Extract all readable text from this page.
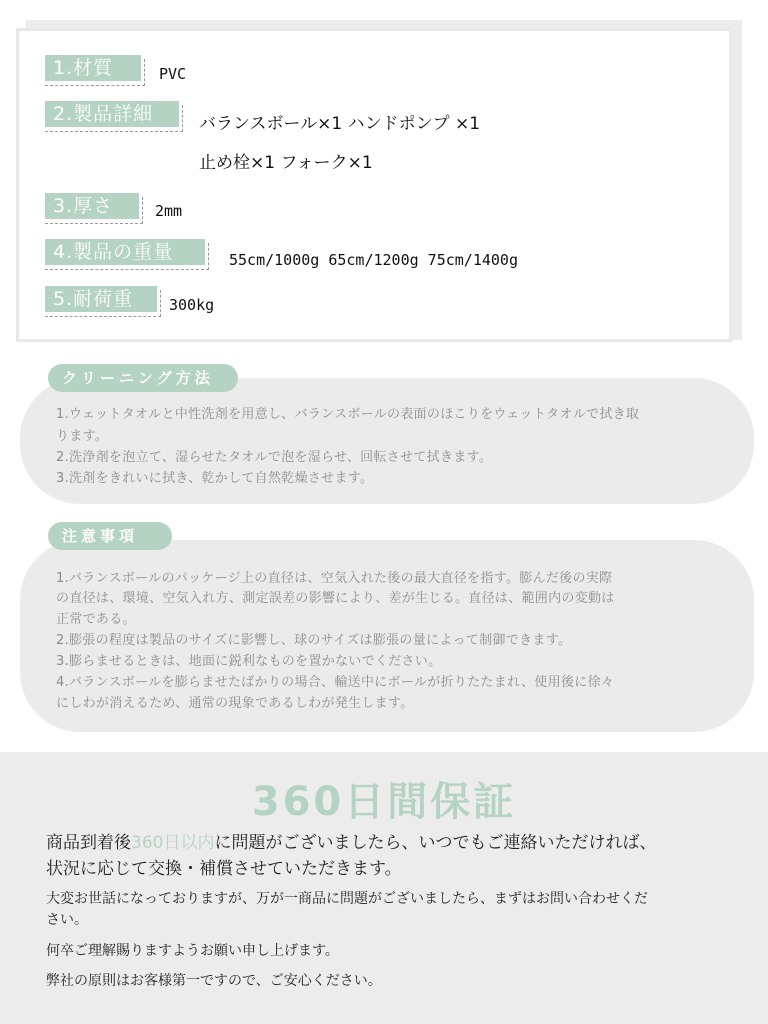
1.材質	PVC
2.製品詳細	バランスボール×1 ハンドポンプ ×1
止め栓×1 フォーク×1
3.厚さ	2mm
4.製品の重量	55cm/1000g 65cm/1200g 75cm/1400g
5.耐荷重	300kg
クリーニング方法
1.ウェットタオルと中性洗剤を用意し、バランスボールの表面のほこりをウェットタオルで拭き取
ります。
2.洗浄剤を泡立て、湿らせたタオルで泡を湿らせ、回転させて拭きます。
3.洗剤をきれいに拭き、乾かして自然乾燥させます。
注意事項
1.バランスボールのパッケージ上の直径は、空気入れた後の最大直径を指す。膨んだ後の実際
の直径は、環境、空気入れ方、測定誤差の影響により、差が生じる。直径は、範囲内の変動は
正常である。
2.膨張の程度は製品のサイズに影響し、球のサイズは膨張の量によって制御できます。
3.膨らませるときは、地面に鋭利なものを置かないでください。
4.バランスボールを膨らませたばかりの場合、輸送中にボールが折りたたまれ、使用後に徐々
にしわが消えるため、通常の現象であるしわが発生します。
360日間保証
商品到着後360日以内に問題がございましたら、いつでもご連絡いただければ、
状況に応じて交換・補償させていただきます。
大変お世話になっておりますが、万が一商品に問題がございましたら、まずはお問い合わせくだ
さい。
何卒ご理解賜りますようお願い申し上げます。
弊社の原則はお客様第一ですので、ご安心ください。
